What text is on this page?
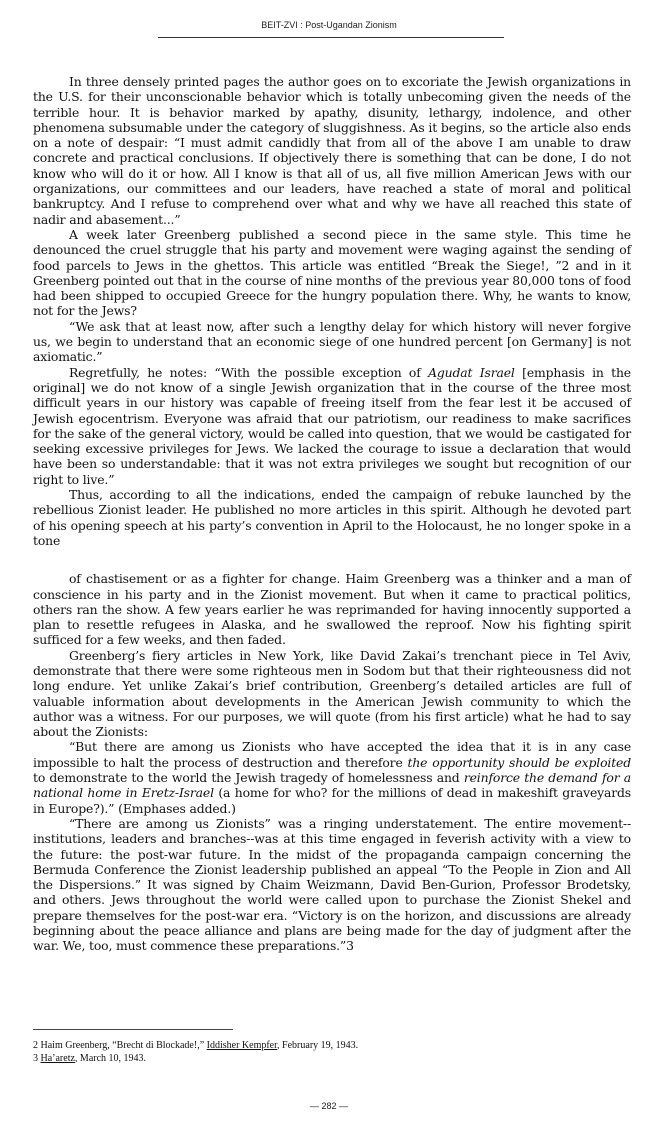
BEIT-ZVI : Post-Ugandan Zionism

In three densely printed pages the author goes on to excoriate the Jewish organizations in the U.S. for their unconscionable behavior which is totally unbecoming given the needs of the terrible hour. It is behavior marked by apathy, disunity, lethargy, indolence, and other phenomena subsumable under the category of sluggishness. As it begins, so the article also ends on a note of despair: “I must admit candidly that from all of the above I am unable to draw concrete and practical conclusions. If objectively there is something that can be done, I do not know who will do it or how. All I know is that all of us, all five million American Jews with our organizations, our committees and our leaders, have reached a state of moral and political bankruptcy. And I refuse to comprehend over what and why we have all reached this state of nadir and abasement...”

A week later Greenberg published a second piece in the same style. This time he denounced the cruel struggle that his party and movement were waging against the sending of food parcels to Jews in the ghettos. This article was entitled “Break the Siege!, ”2 and in it Greenberg pointed out that in the course of nine months of the previous year 80,000 tons of food had been shipped to occupied Greece for the hungry population there. Why, he wants to know, not for the Jews?

“We ask that at least now, after such a lengthy delay for which history will never forgive us, we begin to understand that an economic siege of one hundred percent [on Germany] is not axiomatic.”

Regretfully, he notes: “With the possible exception of Agudat Israel [emphasis in the original] we do not know of a single Jewish organization that in the course of the three most difficult years in our history was capable of freeing itself from the fear lest it be accused of Jewish egocentrism. Everyone was afraid that our patriotism, our readiness to make sacrifices for the sake of the general victory, would be called into question, that we would be castigated for seeking excessive privileges for Jews. We lacked the courage to issue a declaration that would have been so understandable: that it was not extra privileges we sought but recognition of our right to live.”

Thus, according to all the indications, ended the campaign of rebuke launched by the rebellious Zionist leader. He published no more articles in this spirit. Although he devoted part of his opening speech at his party’s convention in April to the Holocaust, he no longer spoke in a tone

of chastisement or as a fighter for change. Haim Greenberg was a thinker and a man of conscience in his party and in the Zionist movement. But when it came to practical politics, others ran the show. A few years earlier he was reprimanded for having innocently supported a plan to resettle refugees in Alaska, and he swallowed the reproof. Now his fighting spirit sufficed for a few weeks, and then faded.

Greenberg’s fiery articles in New York, like David Zakai’s trenchant piece in Tel Aviv, demonstrate that there were some righteous men in Sodom but that their righteousness did not long endure. Yet unlike Zakai’s brief contribution, Greenberg’s detailed articles are full of valuable information about developments in the American Jewish community to which the author was a witness. For our purposes, we will quote (from his first article) what he had to say about the Zionists:

“But there are among us Zionists who have accepted the idea that it is in any case impossible to halt the process of destruction and therefore the opportunity should be exploited to demonstrate to the world the Jewish tragedy of homelessness and reinforce the demand for a national home in Eretz-Israel (a home for who? for the millions of dead in makeshift graveyards in Europe?).” (Emphases added.)

“There are among us Zionists” was a ringing understatement. The entire movement--institutions, leaders and branches--was at this time engaged in feverish activity with a view to the future: the post-war future. In the midst of the propaganda campaign concerning the Bermuda Conference the Zionist leadership published an appeal “To the People in Zion and All the Dispersions.” It was signed by Chaim Weizmann, David Ben-Gurion, Professor Brodetsky, and others. Jews throughout the world were called upon to purchase the Zionist Shekel and prepare themselves for the post-war era. “Victory is on the horizon, and discussions are already beginning about the peace alliance and plans are being made for the day of judgment after the war. We, too, must commence these preparations.”3

2 Haim Greenberg, “Brecht di Blockade!,” Iddisher Kempfer, February 19, 1943.
3 Ha’aretz, March 10, 1943.
— 282 —
